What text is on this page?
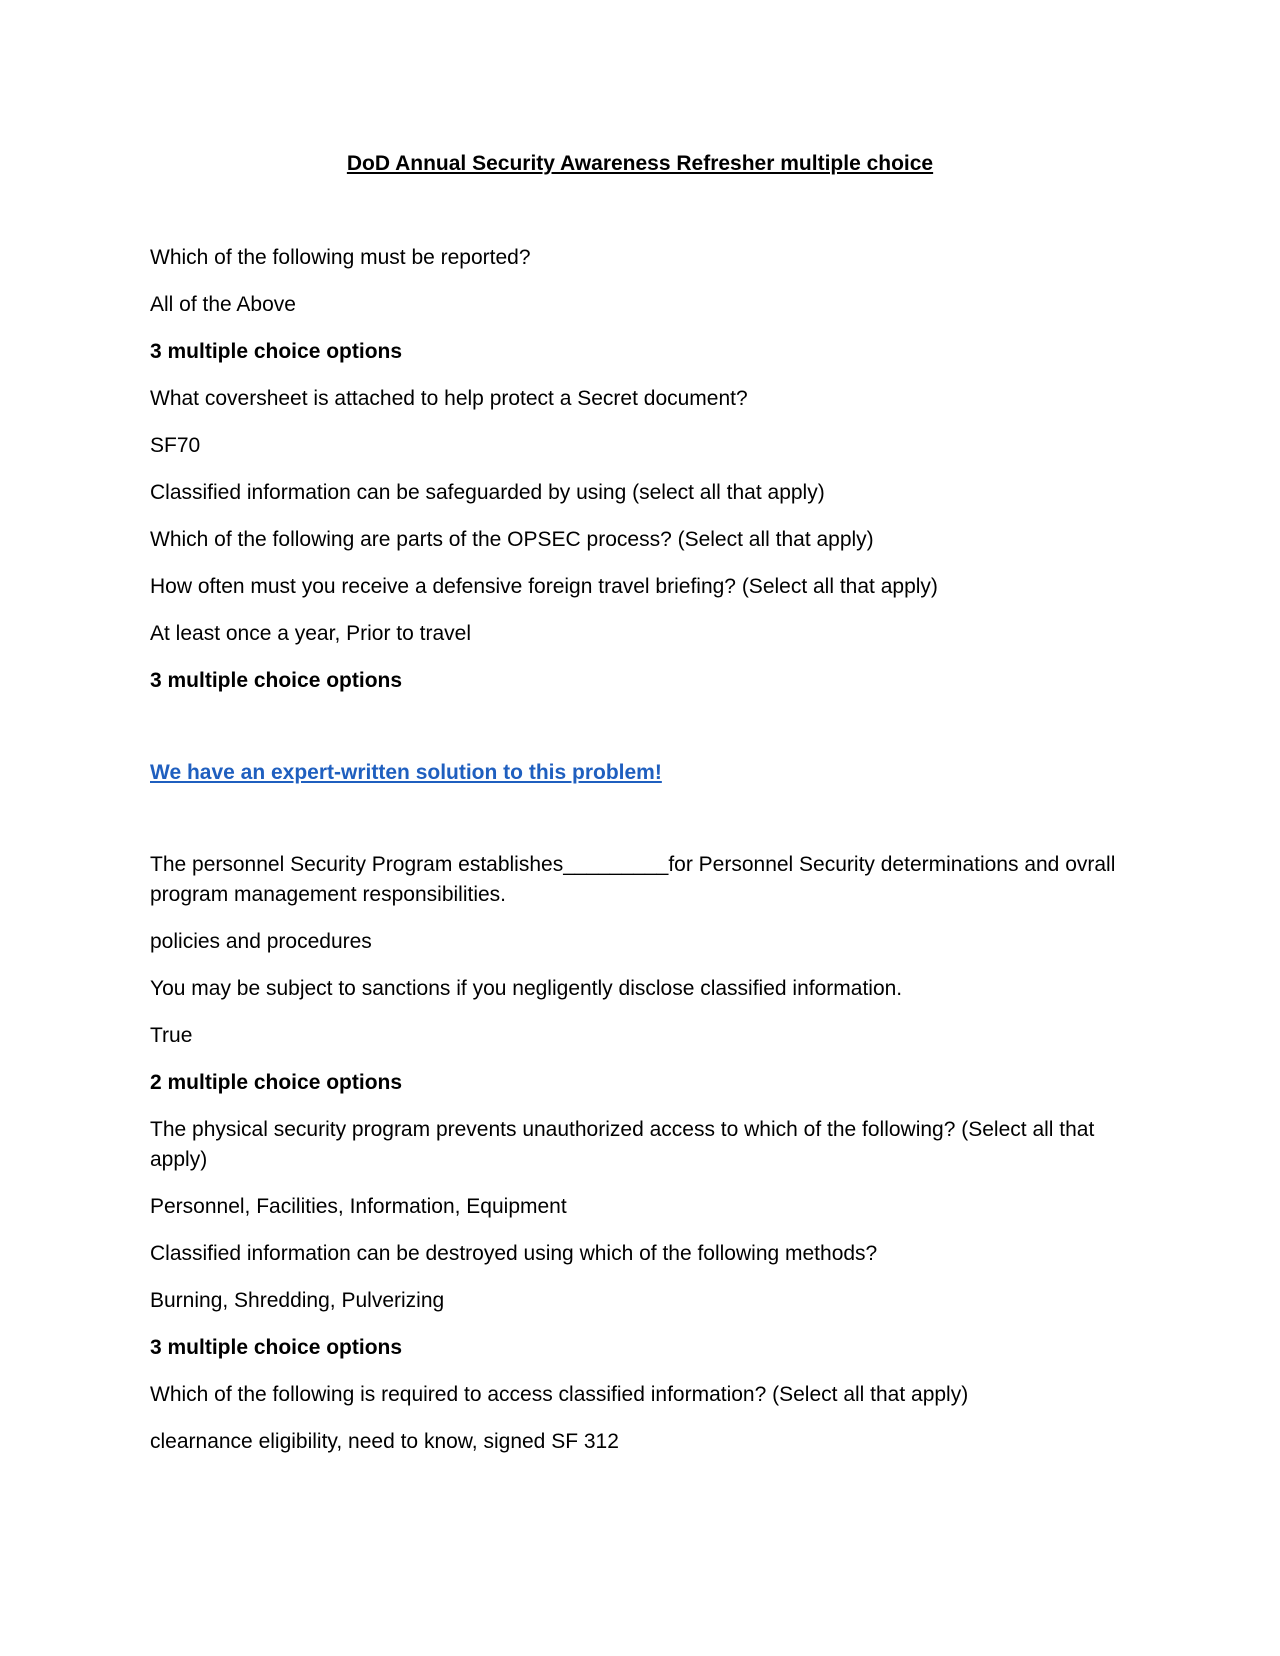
DoD Annual Security Awareness Refresher multiple choice
Which of the following must be reported?
All of the Above
3 multiple choice options
What coversheet is attached to help protect a Secret document?
SF70
Classified information can be safeguarded by using (select all that apply)
Which of the following are parts of the OPSEC process? (Select all that apply)
How often must you receive a defensive foreign travel briefing? (Select all that apply)
At least once a year, Prior to travel
3 multiple choice options
We have an expert-written solution to this problem!
The personnel Security Program establishes_________for Personnel Security determinations and ovrall program management responsibilities.
policies and procedures
You may be subject to sanctions if you negligently disclose classified information.
True
2 multiple choice options
The physical security program prevents unauthorized access to which of the following? (Select all that apply)
Personnel, Facilities, Information, Equipment
Classified information can be destroyed using which of the following methods?
Burning, Shredding, Pulverizing
3 multiple choice options
Which of the following is required to access classified information? (Select all that apply)
clearnance eligibility, need to know, signed SF 312
